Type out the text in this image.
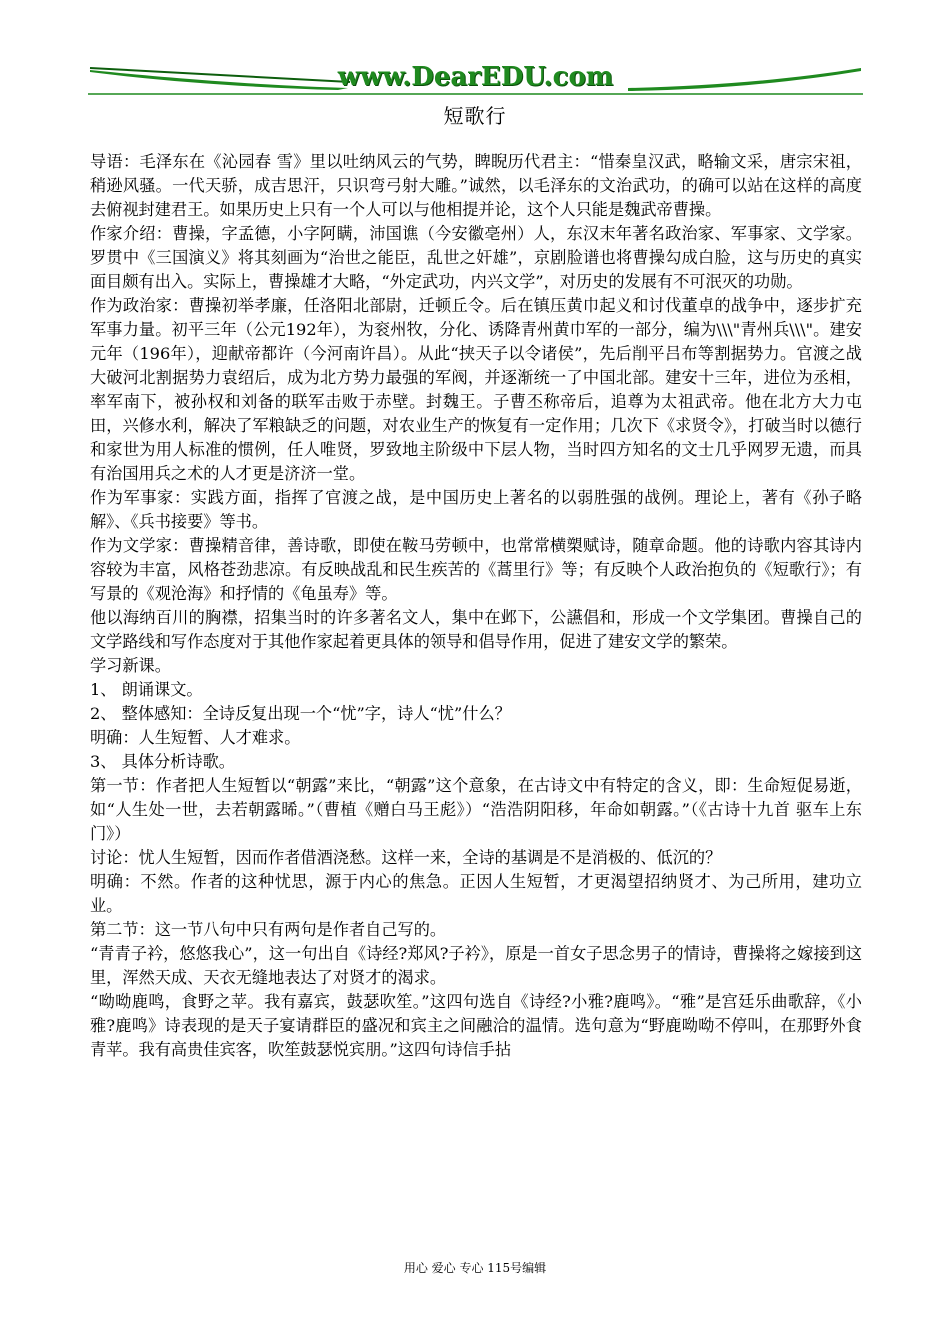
www.DearEDU.com
短歌行

导语：毛泽东在《沁园春 雪》里以吐纳风云的气势，睥睨历代君主：“惜秦皇汉武，略输文采，唐宗宋祖，稍逊风骚。一代天骄，成吉思汗，只识弯弓射大雕。”诚然，以毛泽东的文治武功，的确可以站在这样的高度去俯视封建君王。如果历史上只有一个人可以与他相提并论，这个人只能是魏武帝曹操。

作家介绍：曹操，字孟德，小字阿瞒，沛国谯（今安徽亳州）人，东汉末年著名政治家、军事家、文学家。罗贯中《三国演义》将其刻画为“治世之能臣，乱世之奸雄”，京剧脸谱也将曹操勾成白脸，这与历史的真实面目颇有出入。实际上，曹操雄才大略，“外定武功，内兴文学”，对历史的发展有不可泯灭的功勋。

作为政治家：曹操初举孝廉，任洛阳北部尉，迁顿丘令。后在镇压黄巾起义和讨伐董卓的战争中，逐步扩充军事力量。初平三年（公元192年），为衮州牧，分化、诱降青州黄巾军的一部分，编为\\\"青州兵\\\"。建安元年（196年），迎献帝都许（今河南许昌）。从此“挟天子以令诸侯”，先后削平吕布等割据势力。官渡之战大破河北割据势力袁绍后，成为北方势力最强的军阀，并逐渐统一了中国北部。建安十三年，进位为丞相，率军南下，被孙权和刘备的联军击败于赤壁。封魏王。子曹丕称帝后，追尊为太祖武帝。他在北方大力屯田，兴修水利，解决了军粮缺乏的问题，对农业生产的恢复有一定作用；几次下《求贤令》，打破当时以德行和家世为用人标准的惯例，任人唯贤，罗致地主阶级中下层人物，当时四方知名的文士几乎网罗无遗，而具有治国用兵之术的人才更是济济一堂。

作为军事家：实践方面，指挥了官渡之战，是中国历史上著名的以弱胜强的战例。理论上，著有《孙子略解》、《兵书接要》等书。

作为文学家：曹操精音律，善诗歌，即使在鞍马劳顿中，也常常横槊赋诗，随章命题。他的诗歌内容其诗内容较为丰富，风格苍劲悲凉。有反映战乱和民生疾苦的《蒿里行》等；有反映个人政治抱负的《短歌行》；有写景的《观沧海》和抒情的《龟虽寿》等。

他以海纳百川的胸襟，招集当时的许多著名文人，集中在邺下，公讌倡和，形成一个文学集团。曹操自己的文学路线和写作态度对于其他作家起着更具体的领导和倡导作用，促进了建安文学的繁荣。

学习新课。

1、 朗诵课文。

2、 整体感知：全诗反复出现一个“忧”字，诗人“忧”什么？

明确：人生短暂、人才难求。

3、 具体分析诗歌。

第一节：作者把人生短暂以“朝露”来比，“朝露”这个意象，在古诗文中有特定的含义，即：生命短促易逝，如“人生处一世，去若朝露晞。”（曹植《赠白马王彪》）“浩浩阴阳移，年命如朝露。”（《古诗十九首 驱车上东门》）

讨论：忧人生短暂，因而作者借酒浇愁。这样一来，全诗的基调是不是消极的、低沉的？

明确：不然。作者的这种忧思，源于内心的焦急。正因人生短暂，才更渴望招纳贤才、为己所用，建功立业。

第二节：这一节八句中只有两句是作者自己写的。

“青青子衿，悠悠我心”，这一句出自《诗经?郑风?子衿》，原是一首女子思念男子的情诗，曹操将之嫁接到这里，浑然天成、天衣无缝地表达了对贤才的渴求。

“呦呦鹿鸣，食野之苹。我有嘉宾，鼓瑟吹笙。”这四句选自《诗经?小雅?鹿鸣》。“雅”是宫廷乐曲歌辞，《小雅?鹿鸣》诗表现的是天子宴请群臣的盛况和宾主之间融洽的温情。选句意为“野鹿呦呦不停叫，在那野外食青苹。我有高贵佳宾客，吹笙鼓瑟悦宾朋。”这四句诗信手拈

用心 爱心 专心 115号编辑
